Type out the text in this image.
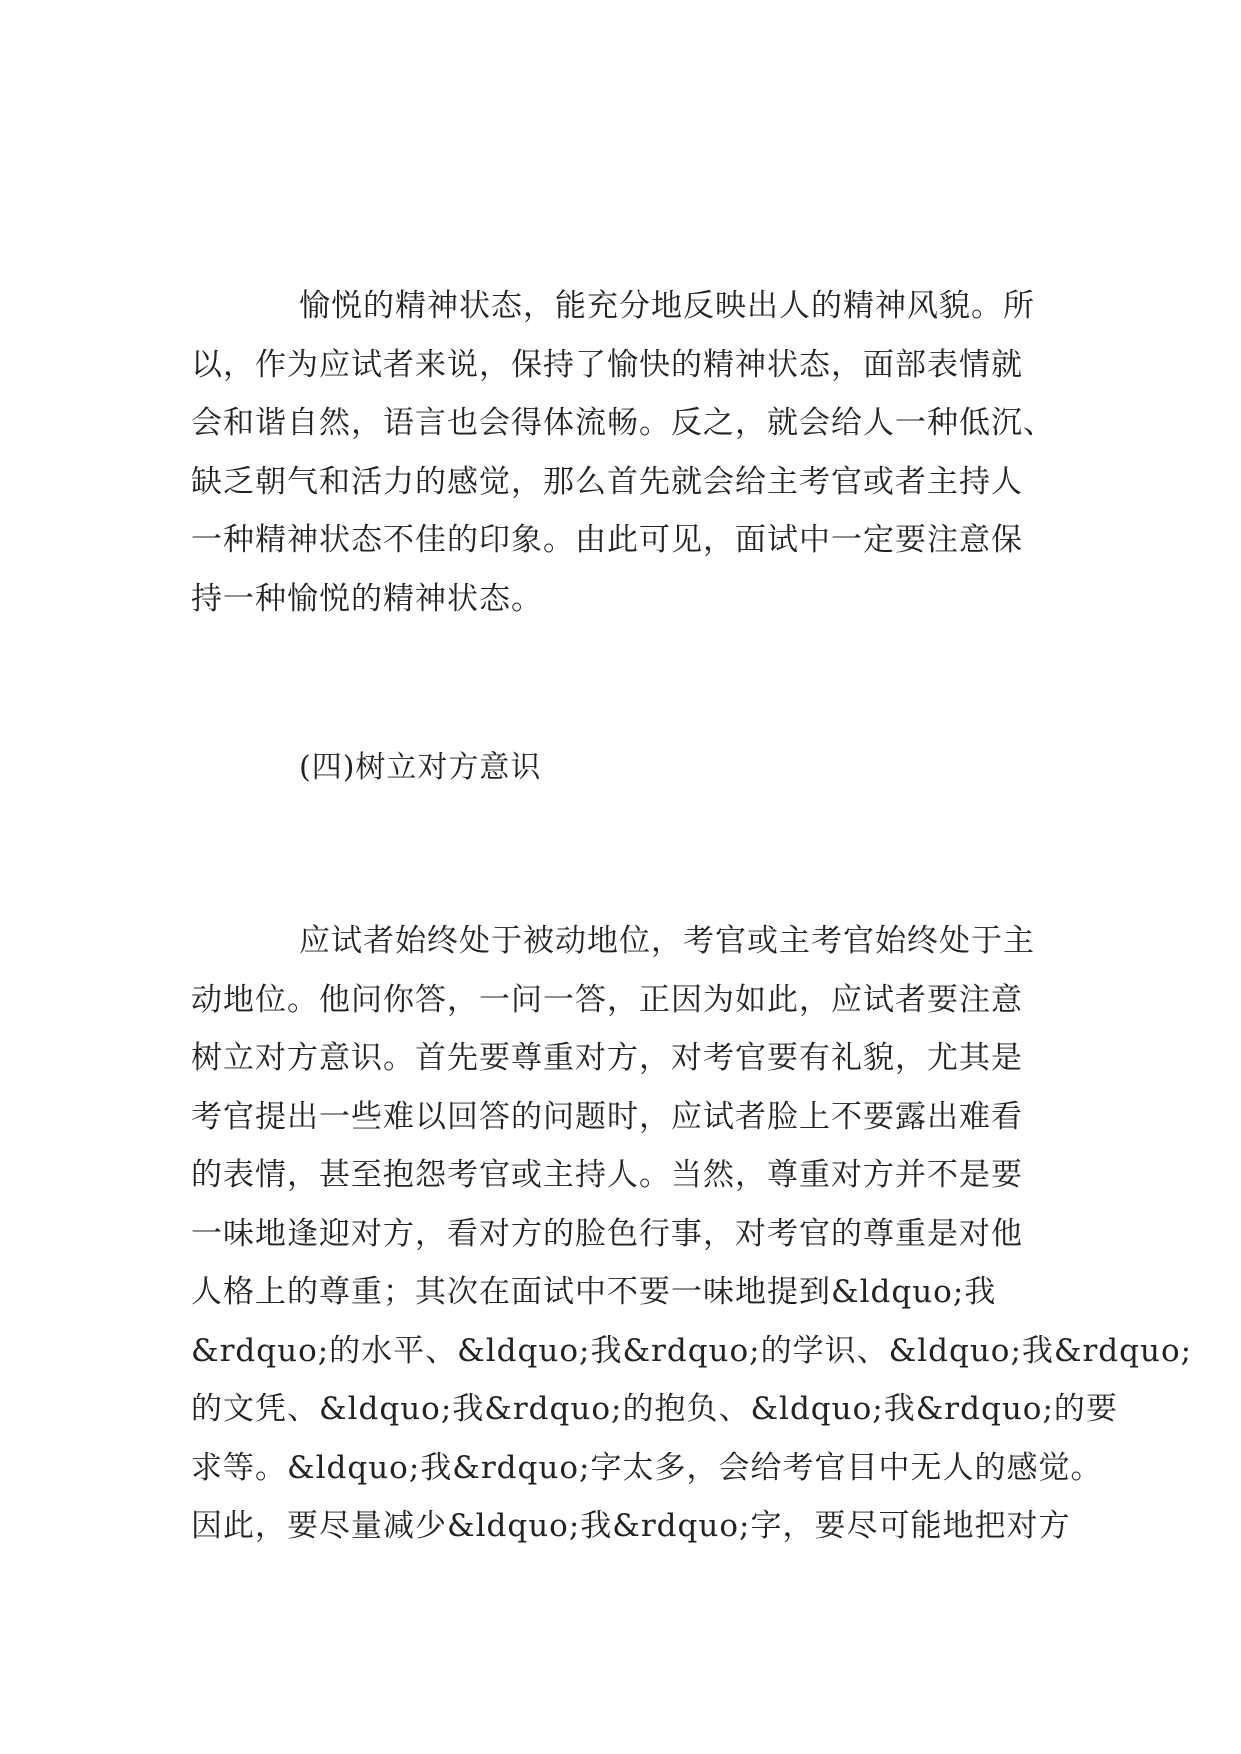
愉悦的精神状态，能充分地反映出人的精神风貌。所
以，作为应试者来说，保持了愉快的精神状态，面部表情就
会和谐自然，语言也会得体流畅。反之，就会给人一种低沉、
缺乏朝气和活力的感觉，那么首先就会给主考官或者主持人
一种精神状态不佳的印象。由此可见，面试中一定要注意保
持一种愉悦的精神状态。
(四)树立对方意识
应试者始终处于被动地位，考官或主考官始终处于主
动地位。他问你答，一问一答，正因为如此，应试者要注意
树立对方意识。首先要尊重对方，对考官要有礼貌，尤其是
考官提出一些难以回答的问题时，应试者脸上不要露出难看
的表情，甚至抱怨考官或主持人。当然，尊重对方并不是要
一味地逢迎对方，看对方的脸色行事，对考官的尊重是对他
人格上的尊重；其次在面试中不要一味地提到&ldquo;我
&rdquo;的水平、&ldquo;我&rdquo;的学识、&ldquo;我&rdquo;
的文凭、&ldquo;我&rdquo;的抱负、&ldquo;我&rdquo;的要
求等。&ldquo;我&rdquo;字太多，会给考官目中无人的感觉。
因此，要尽量减少&ldquo;我&rdquo;字，要尽可能地把对方
